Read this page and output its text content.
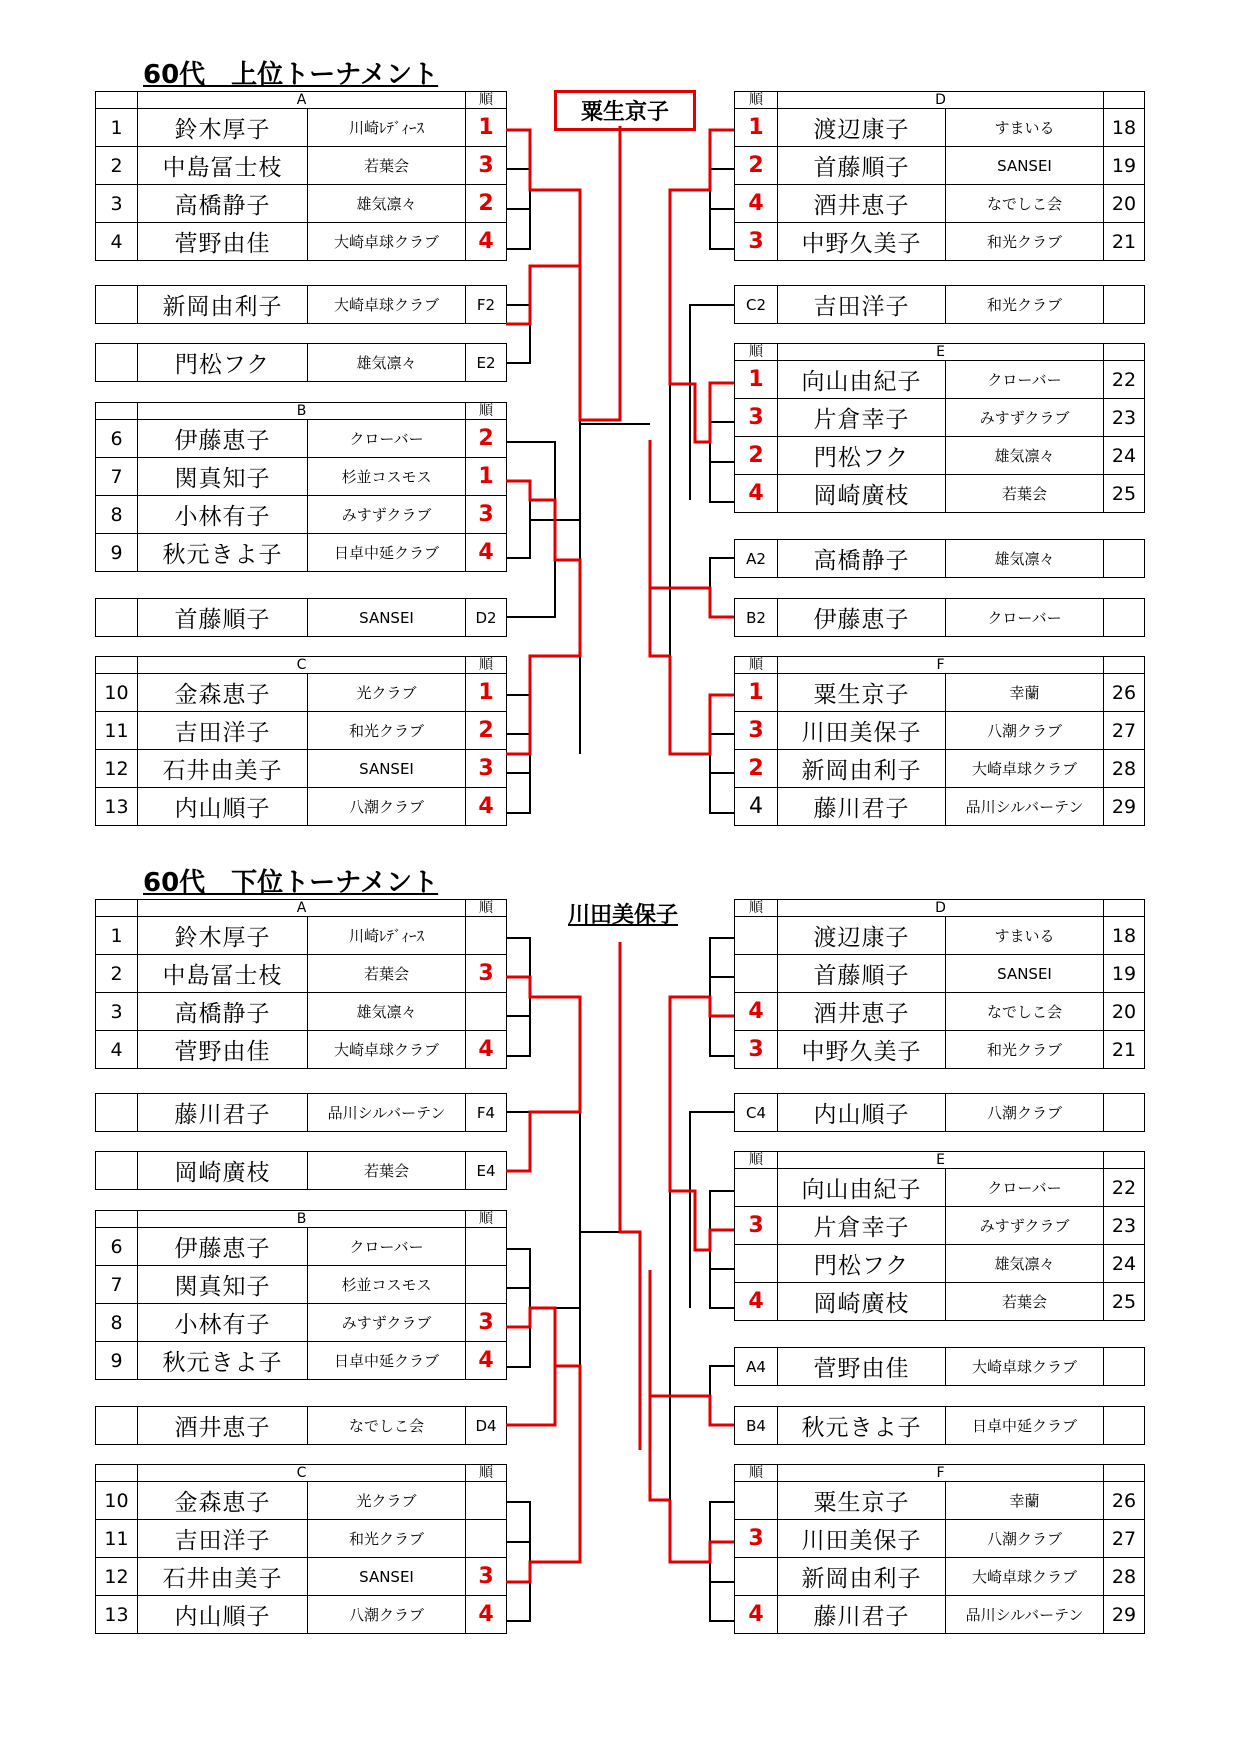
60代　上位トーナメント
粟生京子
	A		順
1	鈴木厚子	川崎ﾚﾃﾞｨｰｽ	1
2	中島冨士枝	若葉会	3
3	高橋静子	雄気凛々	2
4	菅野由佳	大崎卓球クラブ	4
	新岡由利子	大崎卓球クラブ	F2
	門松フク	雄気凛々	E2
	B		順
6	伊藤恵子	クローバー	2
7	関真知子	杉並コスモス	1
8	小林有子	みすずクラブ	3
9	秋元きよ子	日卓中延クラブ	4
	首藤順子	SANSEI	D2
	C		順
10	金森恵子	光クラブ	1
11	吉田洋子	和光クラブ	2
12	石井由美子	SANSEI	3
13	内山順子	八潮クラブ	4
順	D		
1	渡辺康子	すまいる	18
2	首藤順子	SANSEI	19
4	酒井恵子	なでしこ会	20
3	中野久美子	和光クラブ	21
C2	吉田洋子	和光クラブ	
順	E		
1	向山由紀子	クローバー	22
3	片倉幸子	みすずクラブ	23
2	門松フク	雄気凛々	24
4	岡崎廣枝	若葉会	25
A2	高橋静子	雄気凛々	
B2	伊藤恵子	クローバー	
順	F		
1	粟生京子	幸蘭	26
3	川田美保子	八潮クラブ	27
2	新岡由利子	大崎卓球クラブ	28
4	藤川君子	品川シルバーテン	29
60代　下位トーナメント
川田美保子
	A		順
1	鈴木厚子	川崎ﾚﾃﾞｨｰｽ	
2	中島冨士枝	若葉会	3
3	高橋静子	雄気凛々	
4	菅野由佳	大崎卓球クラブ	4
	藤川君子	品川シルバーテン	F4
	岡崎廣枝	若葉会	E4
	B		順
6	伊藤恵子	クローバー	
7	関真知子	杉並コスモス	
8	小林有子	みすずクラブ	3
9	秋元きよ子	日卓中延クラブ	4
	酒井恵子	なでしこ会	D4
	C		順
10	金森恵子	光クラブ	
11	吉田洋子	和光クラブ	
12	石井由美子	SANSEI	3
13	内山順子	八潮クラブ	4
順	D		
	渡辺康子	すまいる	18
	首藤順子	SANSEI	19
4	酒井恵子	なでしこ会	20
3	中野久美子	和光クラブ	21
C4	内山順子	八潮クラブ	
順	E		
	向山由紀子	クローバー	22
3	片倉幸子	みすずクラブ	23
	門松フク	雄気凛々	24
4	岡崎廣枝	若葉会	25
A4	菅野由佳	大崎卓球クラブ	
B4	秋元きよ子	日卓中延クラブ	
順	F		
	粟生京子	幸蘭	26
3	川田美保子	八潮クラブ	27
	新岡由利子	大崎卓球クラブ	28
4	藤川君子	品川シルバーテン	29
